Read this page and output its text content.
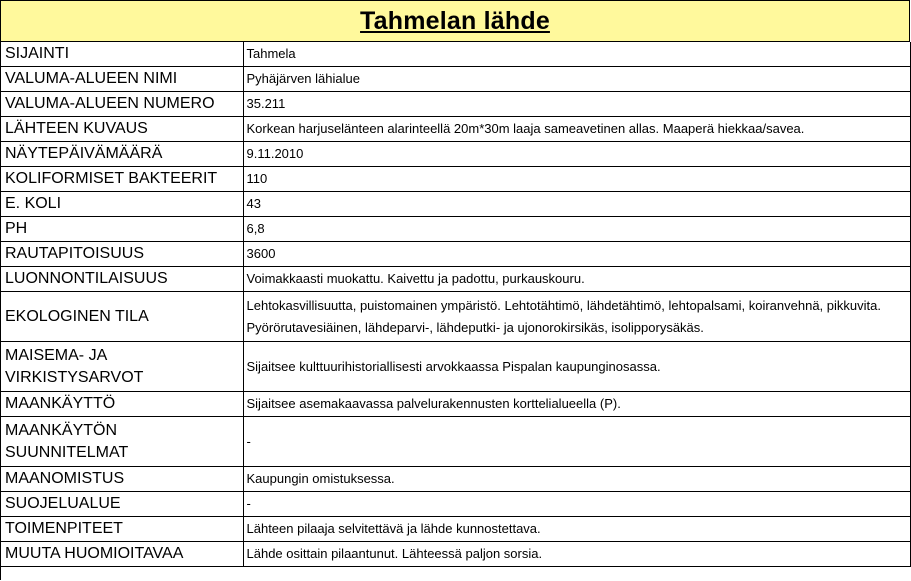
Tahmelan lähde
SIJAINTI	Tahmela
VALUMA-ALUEEN NIMI	Pyhäjärven lähialue
VALUMA-ALUEEN NUMERO	35.211
LÄHTEEN KUVAUS	Korkean harjuselänteen alarinteellä 20m*30m laaja sameavetinen allas. Maaperä hiekkaa/savea.
NÄYTEPÄIVÄMÄÄRÄ	9.11.2010
KOLIFORMISET BAKTEERIT	110
E. KOLI	43
PH	6,8
RAUTAPITOISUUS	3600
LUONNONTILAISUUS	Voimakkaasti muokattu. Kaivettu ja padottu, purkauskouru.
EKOLOGINEN TILA	Lehtokasvillisuutta, puistomainen ympäristö. Lehtotähtimö, lähdetähtimö, lehtopalsami, koiranvehnä, pikkuvita. Pyörörutavesiäinen, lähdeparvi-, lähdeputki- ja ujonorokirsikäs, isolipporysäkäs.
MAISEMA- JA VIRKISTYSARVOT	Sijaitsee kulttuurihistoriallisesti arvokkaassa Pispalan kaupunginosassa.
MAANKÄYTTÖ	Sijaitsee asemakaavassa palvelurakennusten korttelialueella (P).
MAANKÄYTÖN SUUNNITELMAT	-
MAANOMISTUS	Kaupungin omistuksessa.
SUOJELUALUE	-
TOIMENPITEET	Lähteen pilaaja selvitettävä ja lähde kunnostettava.
MUUTA HUOMIOITAVAA	Lähde osittain pilaantunut. Lähteessä paljon sorsia.
